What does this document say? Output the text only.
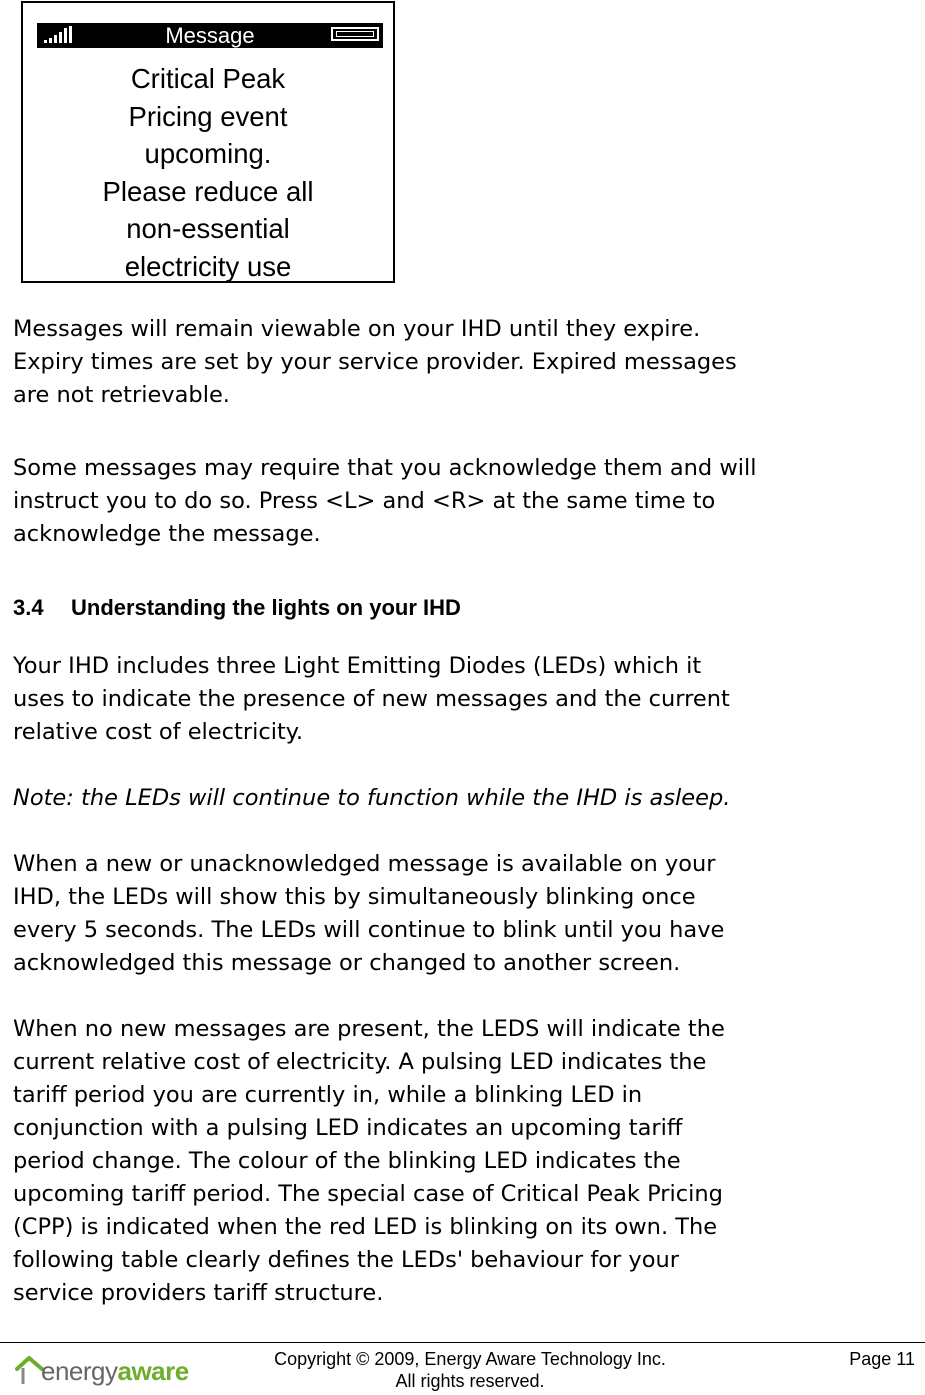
Message
Critical Peak
Pricing event
upcoming.
Please reduce all
non-essential
electricity use
Messages will remain viewable on your IHD until they expire.
Expiry times are set by your service provider. Expired messages
are not retrievable.
Some messages may require that you acknowledge them and will
instruct you to do so. Press <L> and <R> at the same time to
acknowledge the message.
3.4 Understanding the lights on your IHD
Your IHD includes three Light Emitting Diodes (LEDs) which it
uses to indicate the presence of new messages and the current
relative cost of electricity.
Note: the LEDs will continue to function while the IHD is asleep.
When a new or unacknowledged message is available on your
IHD, the LEDs will show this by simultaneously blinking once
every 5 seconds. The LEDs will continue to blink until you have
acknowledged this message or changed to another screen.
When no new messages are present, the LEDS will indicate the
current relative cost of electricity. A pulsing LED indicates the
tariff period you are currently in, while a blinking LED in
conjunction with a pulsing LED indicates an upcoming tariff
period change. The colour of the blinking LED indicates the
upcoming tariff period. The special case of Critical Peak Pricing
(CPP) is indicated when the red LED is blinking on its own. The
following table clearly defines the LEDs' behaviour for your
service providers tariff structure.
energyaware	Copyright © 2009, Energy Aware Technology Inc.
All rights reserved.
Page 11
